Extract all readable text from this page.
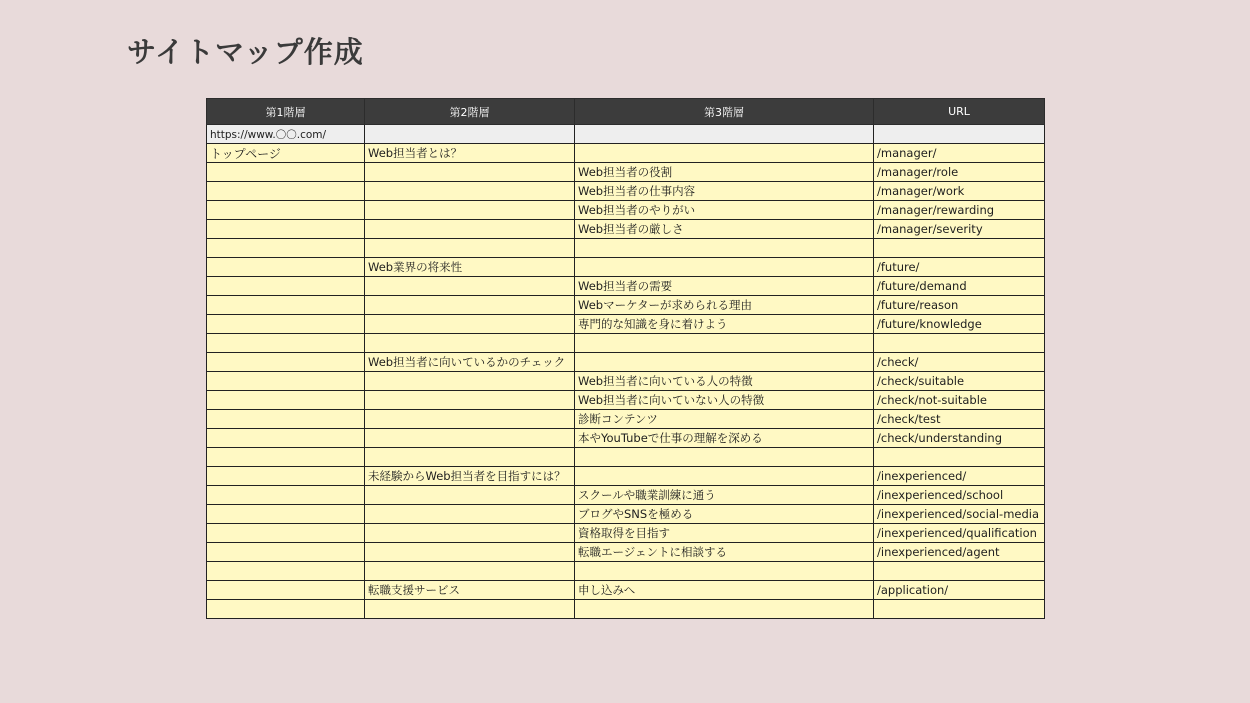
サイトマップ作成
第1階層	第2階層	第3階層	URL
https://www.〇〇.com/			
トップページ	Web担当者とは？		/manager/
		Web担当者の役割	/manager/role
		Web担当者の仕事内容	/manager/work
		Web担当者のやりがい	/manager/rewarding
		Web担当者の厳しさ	/manager/severity

	Web業界の将来性		/future/
		Web担当者の需要	/future/demand
		Webマーケターが求められる理由	/future/reason
		専門的な知識を身に着けよう	/future/knowledge

	Web担当者に向いているかのチェック		/check/
		Web担当者に向いている人の特徴	/check/suitable
		Web担当者に向いていない人の特徴	/check/not-suitable
		診断コンテンツ	/check/test
		本やYouTubeで仕事の理解を深める	/check/understanding

	未経験からWeb担当者を目指すには？		/inexperienced/
		スクールや職業訓練に通う	/inexperienced/school
		ブログやSNSを極める	/inexperienced/social-media
		資格取得を目指す	/inexperienced/qualification
		転職エージェントに相談する	/inexperienced/agent

	転職支援サービス	申し込みへ	/application/
